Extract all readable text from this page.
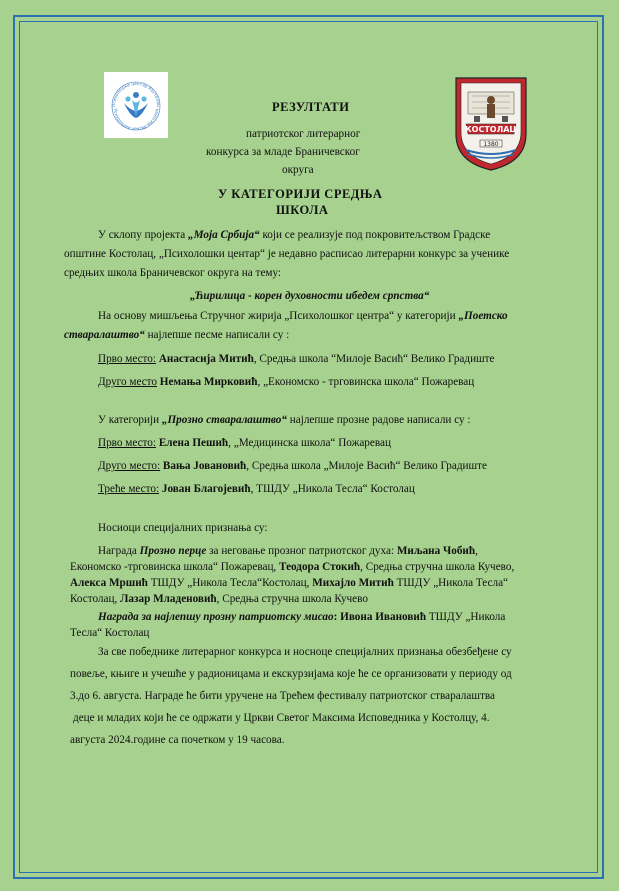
Психолошки центар Костолац
Психолошки центар Костолац
КОСТОЛАЦ
1380
РЕЗУЛТАТИ
патриотског литерарног
конкурса за младе Браничевског
округа
У КАТЕГОРИЈИ СРЕДЊА
ШКОЛА
У склопу пројекта „Моја Србија“ који се реализује под покровитељством Градске
општине Костолац, „Психолошки центар“ је недавно расписао литерарни конкурс за ученике
средњих школа Браничевског округа на тему:
„Ћирилица - корен духовности ибедем српства“
На основу мишљења Стручног жирија „Психолошког центра“ у категорији „Поетско
стваралаштво“ најлепше песме написали су :
Прво место: Анастасија Митић, Средња школа “Милоје Васић“ Велико Градиште
Друго место Немања Мирковић, „Економско - трговинска школа“ Пожаревац
У категорији „Прозно стваралаштво“ најлепше прозне радове написали су :
Прво место: Елена Пешић, „Медицинска школа“ Пожаревац
Друго место: Вања Јовановић, Средња школа „Милоје Васић“ Велико Градиште
Треће место: Јован Благојевић, ТШДУ „Никола Тесла“ Костолац
Носиоци специјалних признања су:
Награда Прозно перце за неговање прозног патриотског духа: Миљана Чобић,
Економско -трговинска школа“ Пожаревац, Теодора Стокић, Средња стручна школа Кучево,
Алекса Мршић ТШДУ „Никола Тесла“Костолац, Михајло Митић ТШДУ „Никола Тесла“
Костолац, Лазар Младеновић, Средња стручна школа Кучево
Награда за најлепшу прозну патриотску мисао: Ивона Ивановић ТШДУ „Никола
Тесла“ Костолац
За све победнике литерарног конкурса и носноце специјалних признања обезбеђене су
повеље, књиге и учешће у радионицама и екскурзијама које ће се организовати у периоду од
3.до 6. августа. Награде ће бити уручене на Трећем фестивалу патриотског стваралаштва
деце и младих који ће се одржати у Цркви Светог Максима Исповедника у Костолцу, 4.
августа 2024.године са почетком у 19 часова.
